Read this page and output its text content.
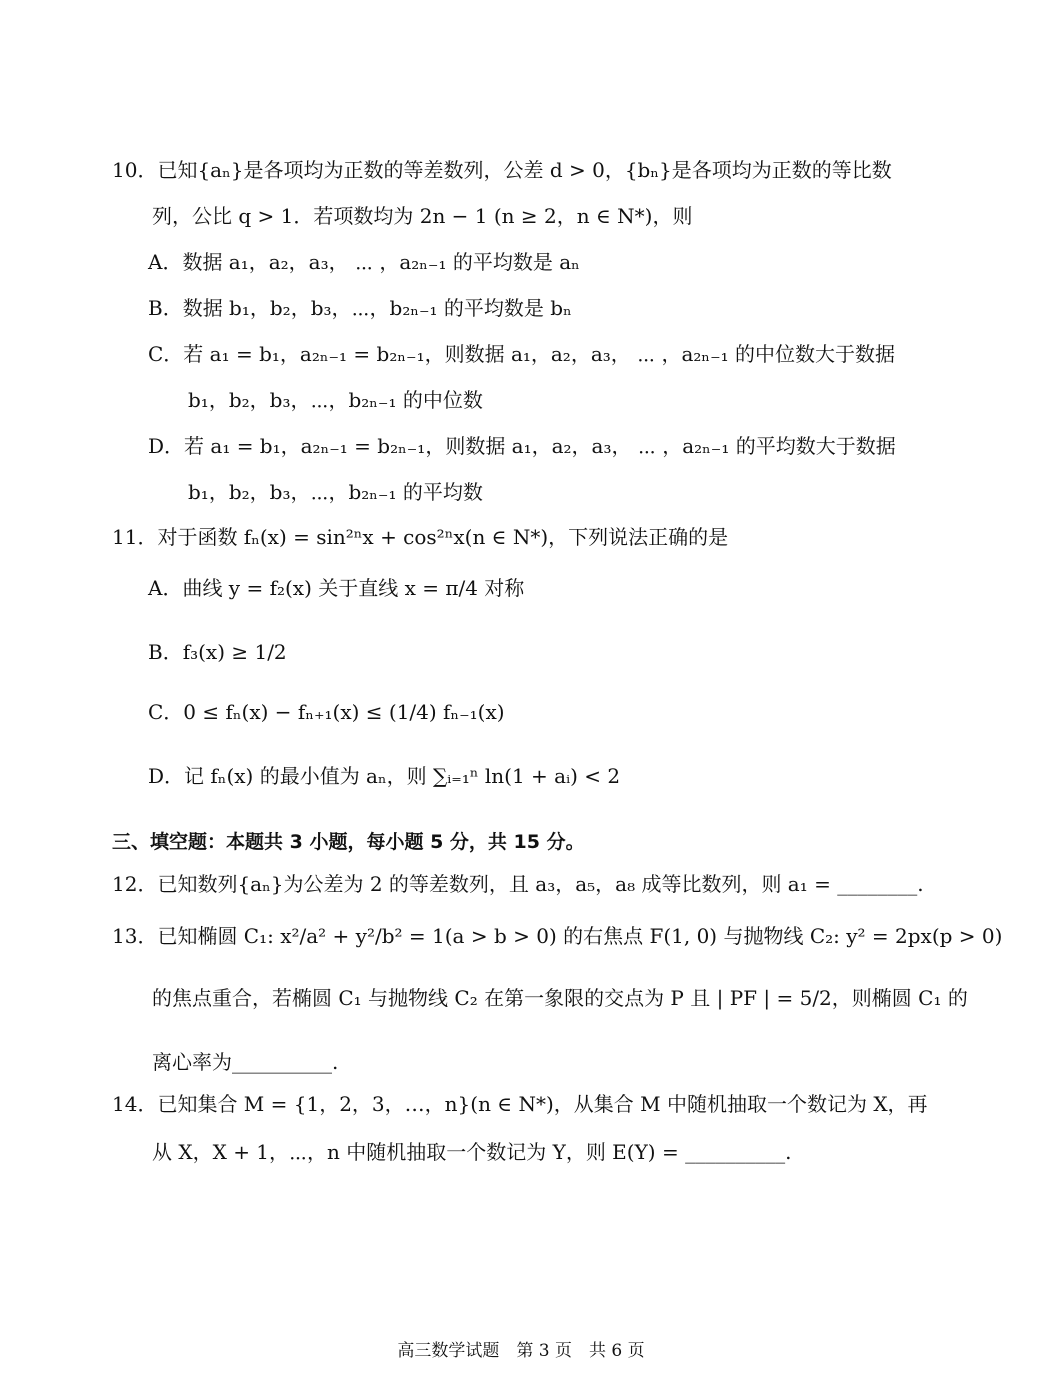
10．已知{aₙ}是各项均为正数的等差数列，公差 d > 0，{bₙ}是各项均为正数的等比数
列，公比 q > 1．若项数均为 2n − 1 (n ≥ 2，n ∈ N*)，则
A．数据 a₁，a₂，a₃， ⋯ ，a₂ₙ₋₁ 的平均数是 aₙ
B．数据 b₁，b₂，b₃，⋯，b₂ₙ₋₁ 的平均数是 bₙ
C．若 a₁ = b₁，a₂ₙ₋₁ = b₂ₙ₋₁，则数据 a₁，a₂，a₃， ⋯ ，a₂ₙ₋₁ 的中位数大于数据
b₁，b₂，b₃，⋯，b₂ₙ₋₁ 的中位数
D．若 a₁ = b₁，a₂ₙ₋₁ = b₂ₙ₋₁，则数据 a₁，a₂，a₃， ⋯ ，a₂ₙ₋₁ 的平均数大于数据
b₁，b₂，b₃，⋯，b₂ₙ₋₁ 的平均数
11．对于函数 fₙ(x) = sin²ⁿx + cos²ⁿx(n ∈ N*)，下列说法正确的是
A．曲线 y = f₂(x) 关于直线 x = π/4 对称
B．f₃(x) ≥ 1/2
C．0 ≤ fₙ(x) − fₙ₊₁(x) ≤ (1/4) fₙ₋₁(x)
D．记 fₙ(x) 的最小值为 aₙ，则 ∑ᵢ₌₁ⁿ ln(1 + aᵢ) < 2
三、填空题：本题共 3 小题，每小题 5 分，共 15 分。
12．已知数列{aₙ}为公差为 2 的等差数列，且 a₃，a₅，a₈ 成等比数列，则 a₁ = ________.
13．已知椭圆 C₁: x²/a² + y²/b² = 1(a > b > 0) 的右焦点 F(1, 0) 与抛物线 C₂: y² = 2px(p > 0)
的焦点重合，若椭圆 C₁ 与抛物线 C₂ 在第一象限的交点为 P 且 | PF | = 5/2，则椭圆 C₁ 的
离心率为__________.
14．已知集合 M = {1，2，3，…，n}(n ∈ N*)，从集合 M 中随机抽取一个数记为 X，再
从 X，X + 1，⋯，n 中随机抽取一个数记为 Y，则 E(Y) = __________.
高三数学试题　第 3 页　共 6 页
